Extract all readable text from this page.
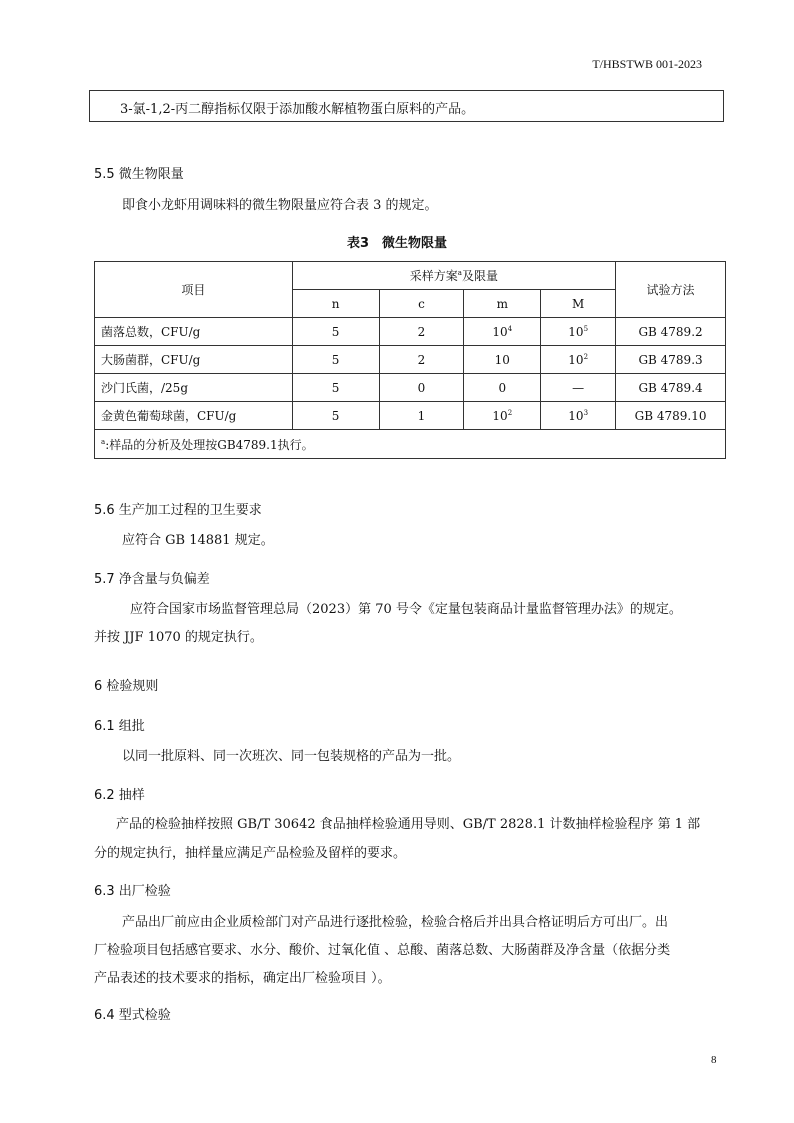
T/HBSTWB 001-2023
3-氯-1,2-丙二醇指标仅限于添加酸水解植物蛋白原料的产品。
5.5 微生物限量
即食小龙虾用调味料的微生物限量应符合表 3 的规定。
表3　微生物限量
项目	采样方案$^a$及限量				试验方法
	n	c	m	M	
菌落总数，CFU/g	5	2	$10^4$	$10^5$	GB 4789.2
大肠菌群，CFU/g	5	2	10	$10^2$	GB 4789.3
沙门氏菌，/25g	5	0	0	—	GB 4789.4
金黄色葡萄球菌，CFU/g	5	1	$10^2$	$10^3$	GB 4789.10
$^a$:样品的分析及处理按GB4789.1执行。					
5.6 生产加工过程的卫生要求
应符合 GB 14881 规定。
5.7 净含量与负偏差
应符合国家市场监督管理总局（2023）第 70 号令《定量包装商品计量监督管理办法》的规定。
并按 JJF 1070 的规定执行。
6 检验规则
6.1 组批
以同一批原料、同一次班次、同一包装规格的产品为一批。
6.2 抽样
产品的检验抽样按照 GB/T 30642 食品抽样检验通用导则、GB/T 2828.1 计数抽样检验程序 第 1 部
分的规定执行，抽样量应满足产品检验及留样的要求。
6.3 出厂检验
产品出厂前应由企业质检部门对产品进行逐批检验，检验合格后并出具合格证明后方可出厂。出
厂检验项目包括感官要求、水分、酸价、过氧化值 、总酸、菌落总数、大肠菌群及净含量（依据分类
产品表述的技术要求的指标，确定出厂检验项目 ）。
6.4 型式检验
8
